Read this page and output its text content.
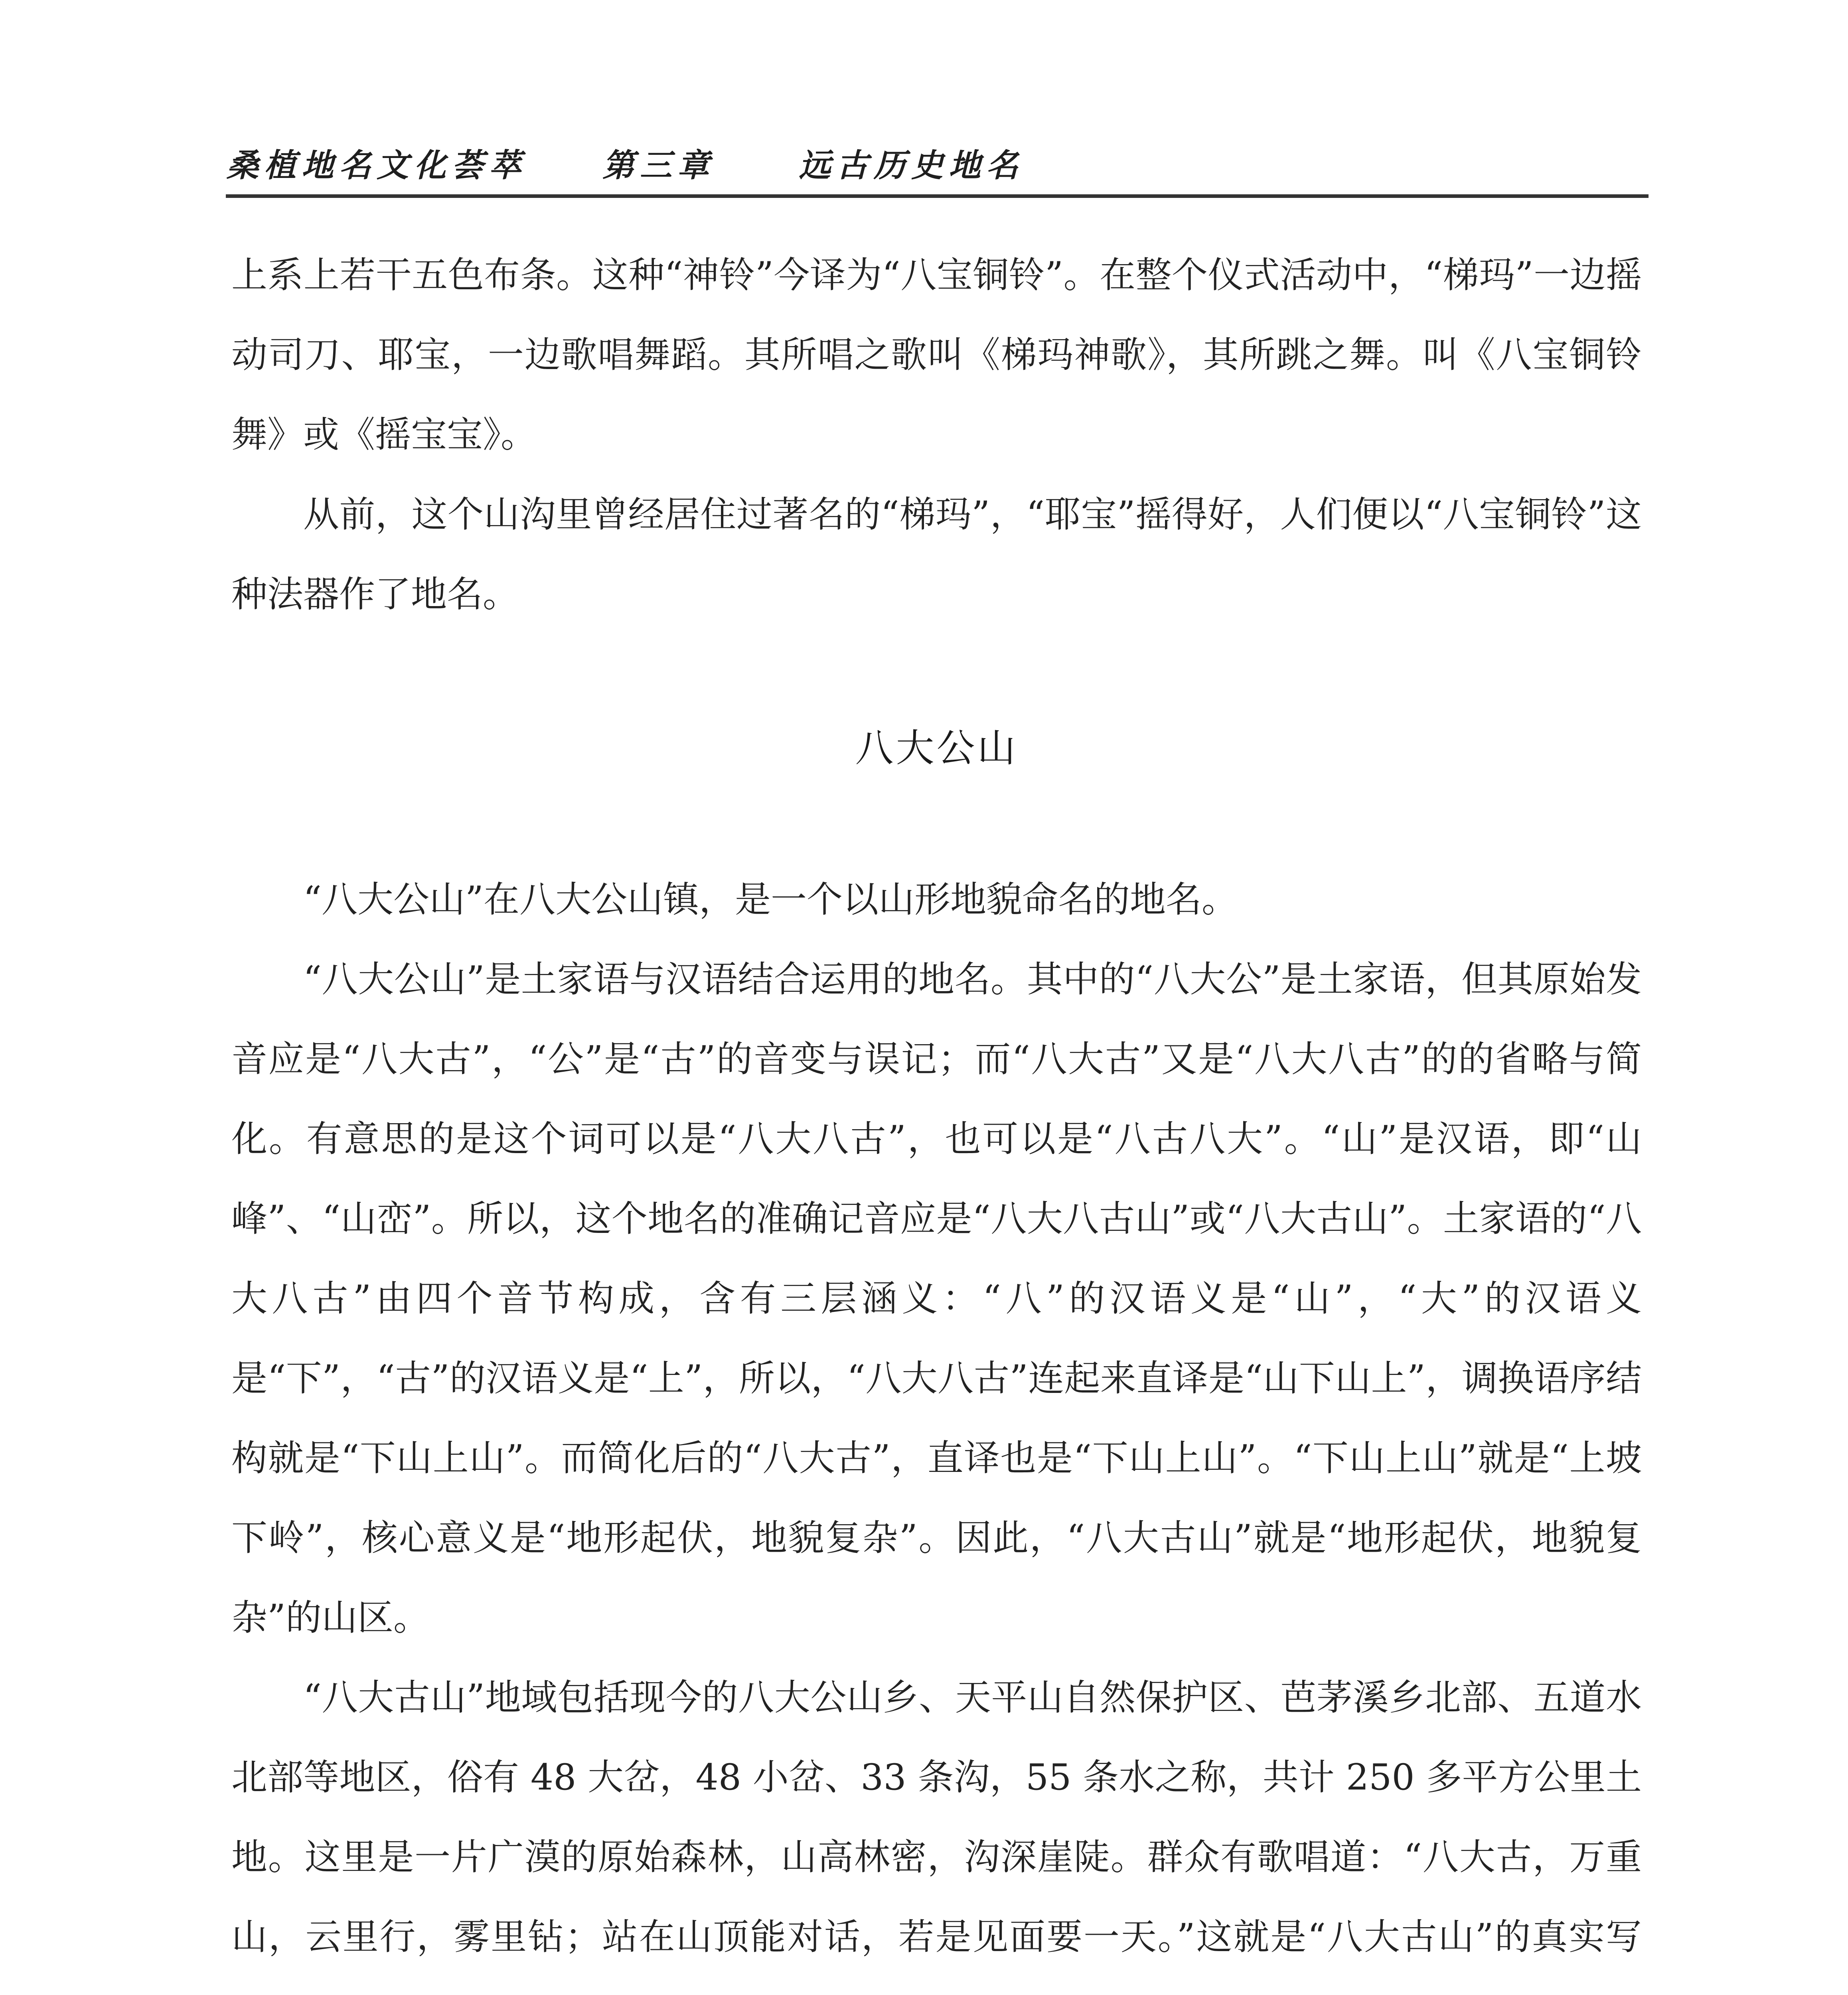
桑植地名文化荟萃 第三章	远古历史地名

上系上若干五色布条。这种“神铃”今译为“八宝铜铃”。在整个仪式活动中，“梯玛”一边摇动司刀、耶宝，一边歌唱舞蹈。其所唱之歌叫《梯玛神歌》，其所跳之舞。叫《八宝铜铃舞》或《摇宝宝》。

从前，这个山沟里曾经居住过著名的“梯玛”，“耶宝”摇得好，人们便以“八宝铜铃”这种法器作了地名。

八大公山

“八大公山”在八大公山镇，是一个以山形地貌命名的地名。

“八大公山”是土家语与汉语结合运用的地名。其中的“八大公”是土家语，但其原始发音应是“八大古”，“公”是“古”的音变与误记；而“八大古”又是“八大八古”的的省略与简化。有意思的是这个词可以是“八大八古”，也可以是“八古八大”。“山”是汉语，即“山峰”、“山峦”。所以，这个地名的准确记音应是“八大八古山”或“八大古山”。土家语的“八大八古”由四个音节构成，含有三层涵义：“八”的汉语义是“山”，“大”的汉语义是“下”，“古”的汉语义是“上”，所以，“八大八古”连起来直译是“山下山上”，调换语序结构就是“下山上山”。而简化后的“八大古”，直译也是“下山上山”。“下山上山”就是“上坡下岭”，核心意义是“地形起伏，地貌复杂”。因此，“八大古山”就是“地形起伏，地貌复杂”的山区。

“八大古山”地域包括现今的八大公山乡、天平山自然保护区、芭茅溪乡北部、五道水北部等地区，俗有 48 大岔，48 小岔、33 条沟，55 条水之称，共计 250 多平方公里土地。这里是一片广漠的原始森林，山高林密，沟深崖陡。群众有歌唱道：“八大古，万重山，云里行，雾里钻；站在山顶能对话，若是见面要一天。”这就是“八大古山”的真实写
